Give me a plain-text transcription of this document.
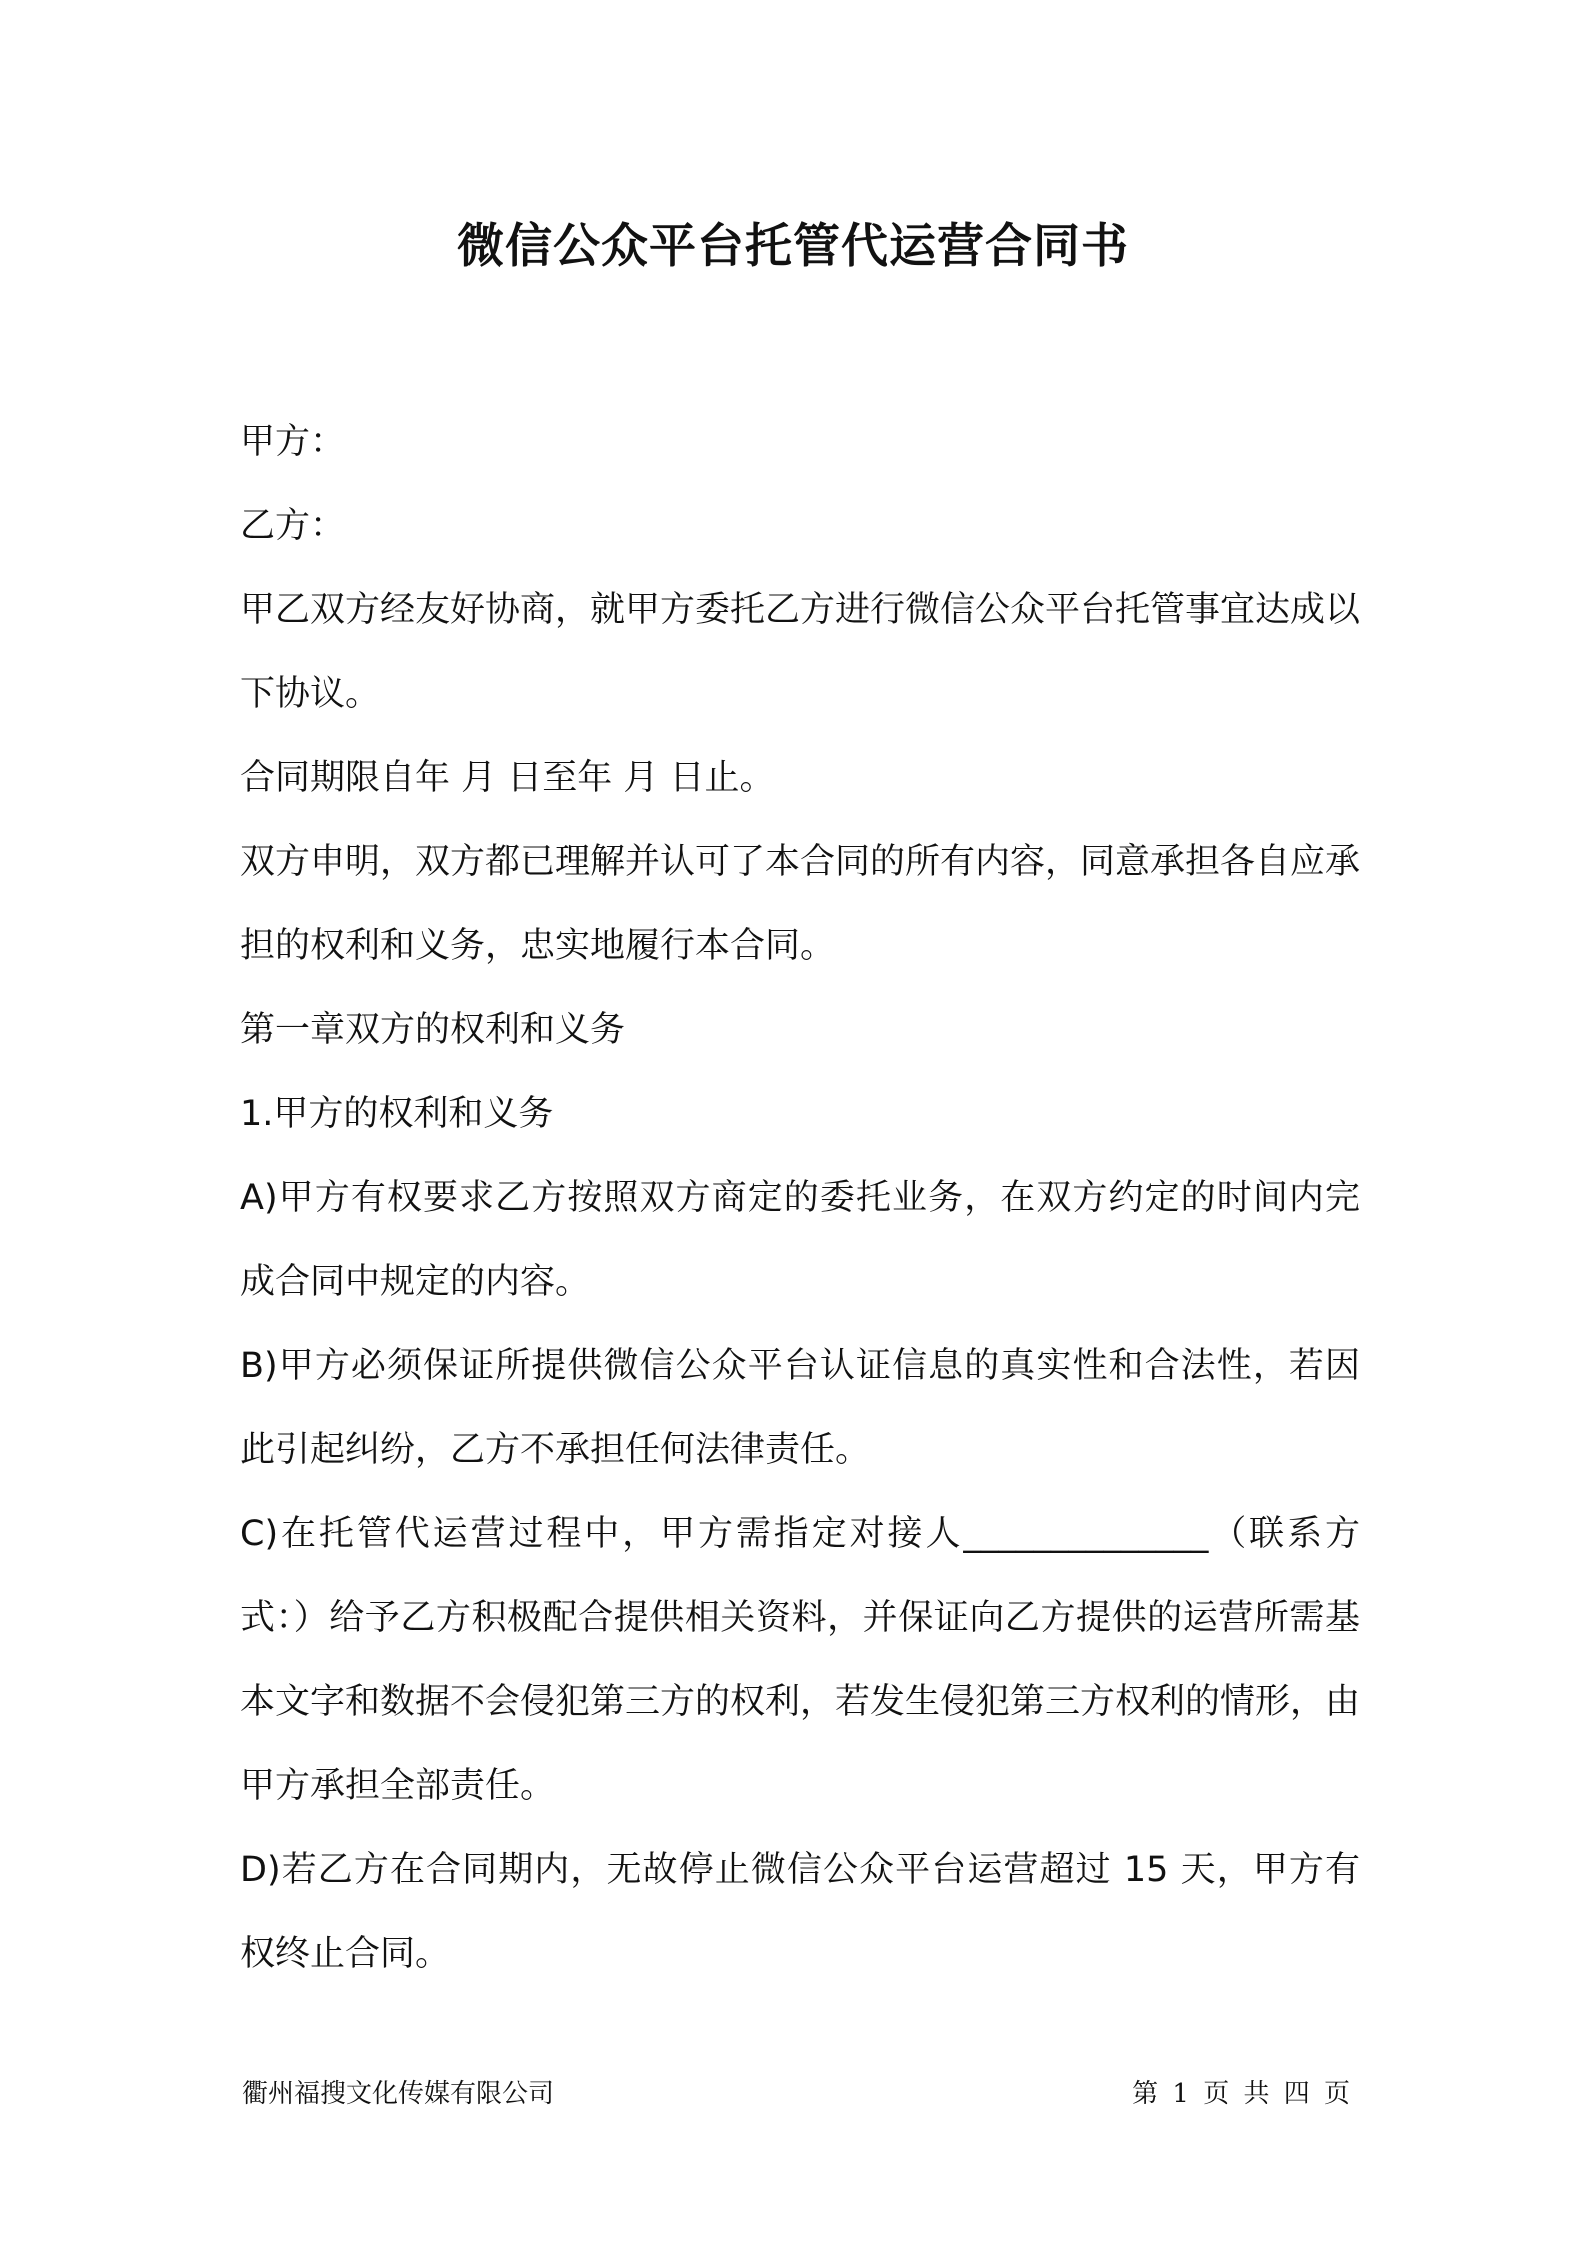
微信公众平台托管代运营合同书

甲方：

乙方：

甲乙双方经友好协商，就甲方委托乙方进行微信公众平台托管事宜达成以下协议。

合同期限自年 月 日至年 月 日止。

双方申明，双方都已理解并认可了本合同的所有内容，同意承担各自应承担的权利和义务，忠实地履行本合同。

第一章双方的权利和义务

1.甲方的权利和义务

A)甲方有权要求乙方按照双方商定的委托业务，在双方约定的时间内完成合同中规定的内容。

B)甲方必须保证所提供微信公众平台认证信息的真实性和合法性，若因此引起纠纷，乙方不承担任何法律责任。

C)在托管代运营过程中，甲方需指定对接人______________（联系方式：）给予乙方积极配合提供相关资料，并保证向乙方提供的运营所需基本文字和数据不会侵犯第三方的权利，若发生侵犯第三方权利的情形，由甲方承担全部责任。

D)若乙方在合同期内，无故停止微信公众平台运营超过 15 天，甲方有权终止合同。

衢州福搜文化传媒有限公司	第 1 页 共 四 页
